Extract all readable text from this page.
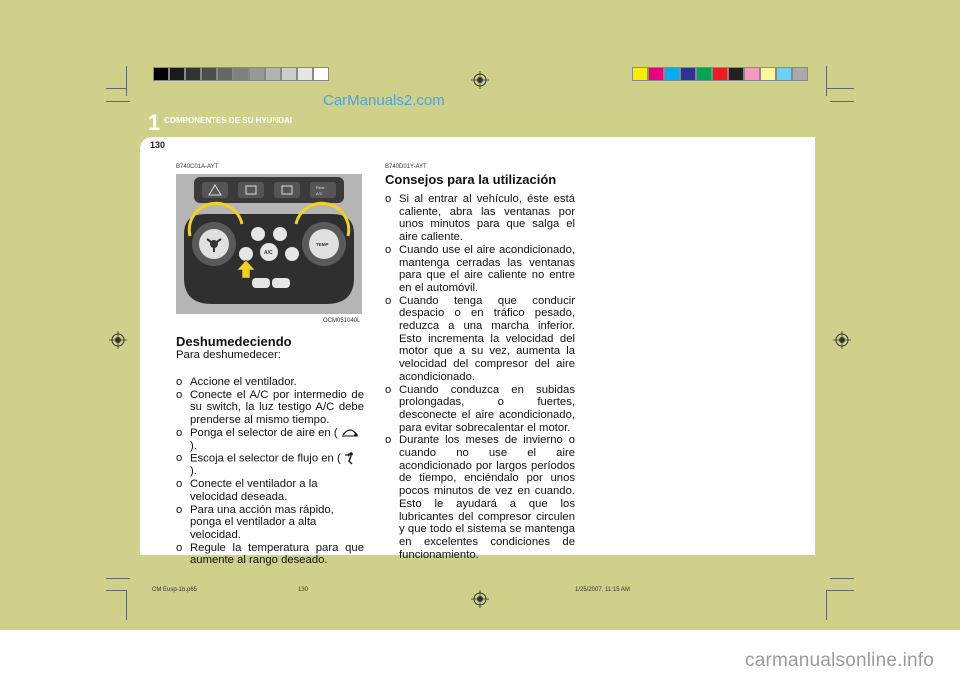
CarManuals2.com
1 COMPONENTES DE SU HYUNDAI
130
B740C01A-AYT
Rear
A/C
TEMP
A/C
OCM051040L
Deshumedeciendo
Para deshumedecer:
o Accione el ventilador.
o Conecte el A/C por intermedio de su switch, la luz testigo A/C debe prenderse al mismo tiempo.
o Ponga el selector de aire en (  ).
o Escoja el selector de flujo en (  ).
o Conecte el ventilador a la velocidad deseada.
o Para una acción mas rápido, ponga el ventilador a alta velocidad.
o Regule la temperatura para que aumente al rango deseado.
B740D01Y-AYT
Consejos para la utilización
o Si al entrar al vehículo, éste está caliente, abra las ventanas por unos minutos para que salga el aire caliente.
o Cuando use el aire acondicionado, mantenga cerradas las ventanas para que el aire caliente no entre en el automóvil.
o Cuando tenga que conducir despacio o en tráfico pesado, reduzca a una marcha inferior. Esto incrementa la velocidad del motor que a su vez, aumenta la velocidad del compresor del aire acondicionado.
o Cuando conduzca en subidas prolongadas, o fuertes, desconecte el aire acondicionado, para evitar sobrecalentar el motor.
o Durante los meses de invierno o cuando no use el aire acondicionado por largos períodos de tiempo, enciéndalo por unos pocos minutos de vez en cuando. Esto le ayudará a que los lubricantes del compresor circulen y que todo el sistema se mantenga en excelentes condiciones de funcionamiento.
CM Eusp-1b.p65	130	1/25/2007, 11:15 AM
carmanualsonline.info
